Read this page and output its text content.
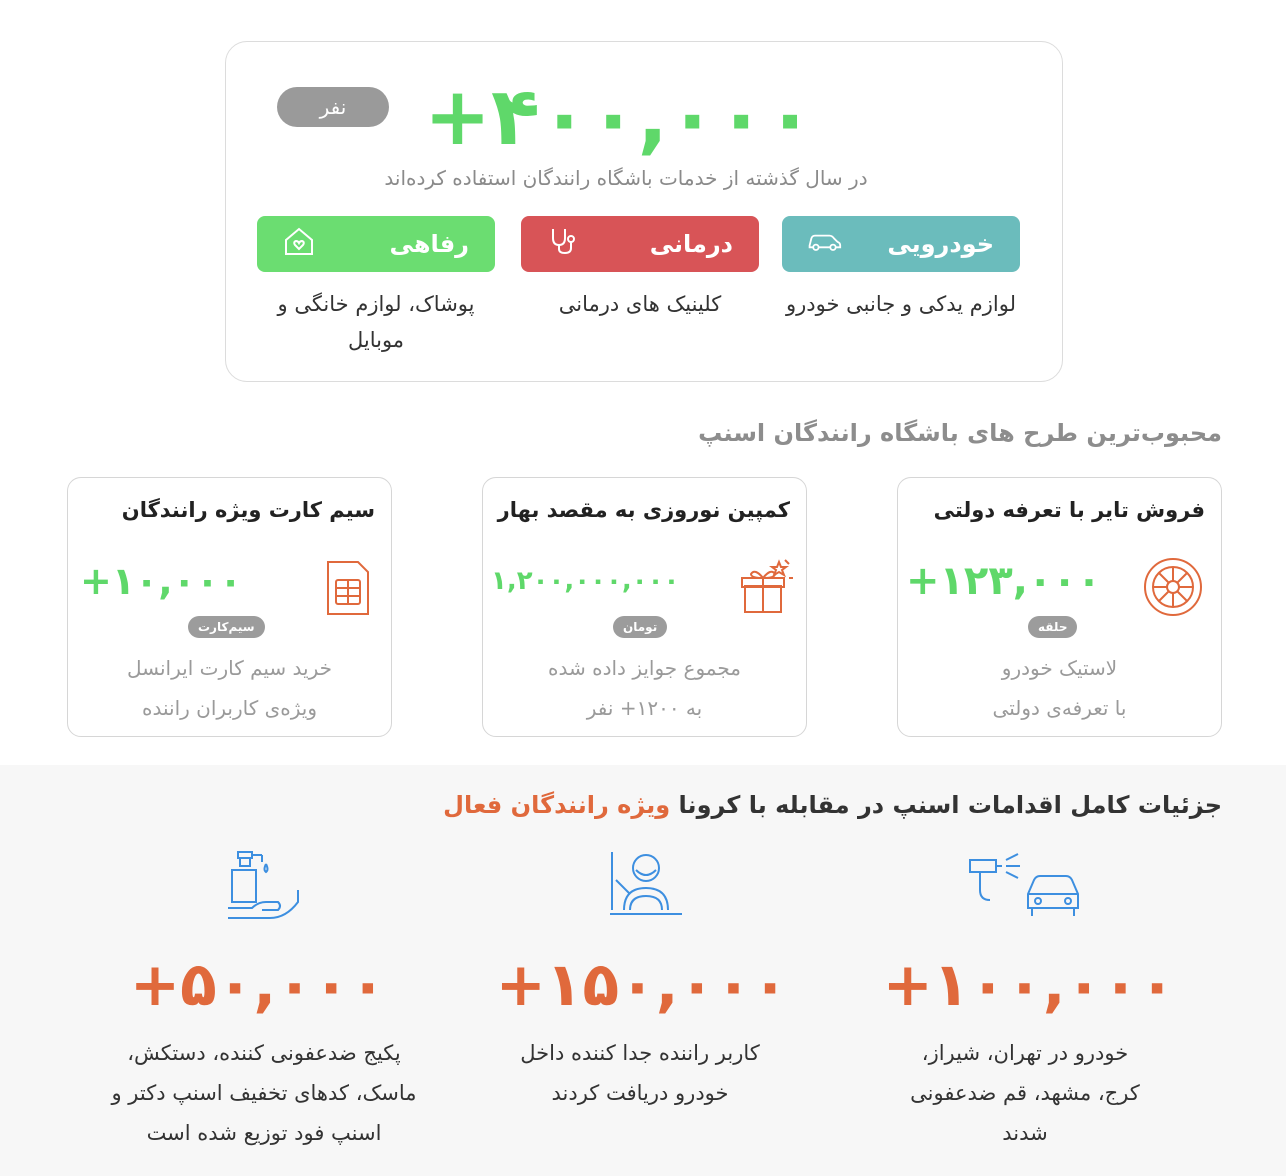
نفر +۴۰۰,۰۰۰
در سال گذشته از خدمات باشگاه رانندگان استفاده کرده‌اند
خودرویی
درمانی
رفاهی
لوازم یدکی و جانبی خودرو
کلینیک های درمانی
پوشاک، لوازم خانگی و موبایل
محبوب‌ترین طرح های باشگاه رانندگان اسنپ
فروش تایر با تعرفه دولتی
+۱۲۳,۰۰۰
حلقه
لاستیک خودرو
با تعرفه‌ی دولتی
کمپین نوروزی به مقصد بهار
۱,۲۰۰,۰۰۰,۰۰۰
تومان
مجموع جوایز داده شده
به ۱۲۰۰+ نفر
سیم کارت ویژه رانندگان
+۱۰,۰۰۰
سیم‌کارت
خرید سیم کارت ایرانسل
ویژه‌ی کاربران راننده
جزئیات کامل اقدامات اسنپ در مقابله با کرونا ویژه رانندگان فعال
+۱۰۰,۰۰۰
خودرو در تهران، شیراز،
کرج، مشهد، قم ضدعفونی
شدند
+۱۵۰,۰۰۰
کاربر راننده جدا کننده داخل
خودرو دریافت کردند
+۵۰,۰۰۰
پکیج ضدعفونی کننده، دستکش،
ماسک، کدهای تخفیف اسنپ دکتر و
اسنپ فود توزیع شده است
